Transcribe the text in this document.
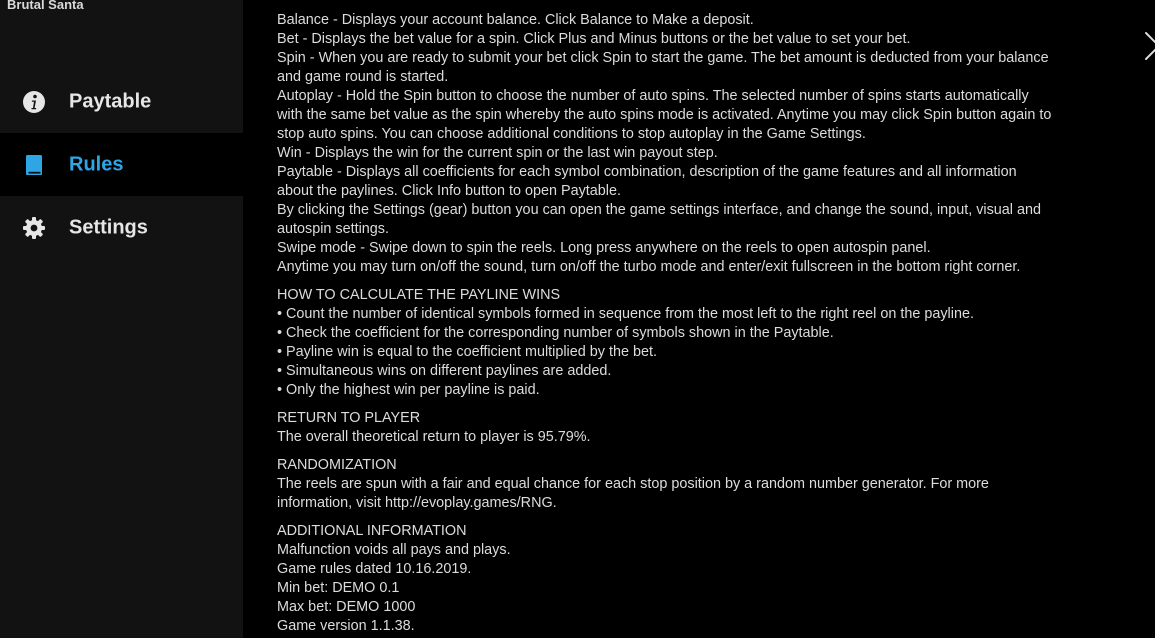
Brutal Santa
Paytable
Rules
Settings
Balance - Displays your account balance. Click Balance to Make a deposit.
Bet - Displays the bet value for a spin. Click Plus and Minus buttons or the bet value to set your bet.
Spin - When you are ready to submit your bet click Spin to start the game. The bet amount is deducted from your balance
and game round is started.
Autoplay - Hold the Spin button to choose the number of auto spins. The selected number of spins starts automatically
with the same bet value as the spin whereby the auto spins mode is activated. Anytime you may click Spin button again to
stop auto spins. You can choose additional conditions to stop autoplay in the Game Settings.
Win - Displays the win for the current spin or the last win payout step.
Paytable - Displays all coefficients for each symbol combination, description of the game features and all information
about the paylines. Click Info button to open Paytable.
By clicking the Settings (gear) button you can open the game settings interface, and change the sound, input, visual and
autospin settings.
Swipe mode - Swipe down to spin the reels. Long press anywhere on the reels to open autospin panel.
Anytime you may turn on/off the sound, turn on/off the turbo mode and enter/exit fullscreen in the bottom right corner.
HOW TO CALCULATE THE PAYLINE WINS
• Count the number of identical symbols formed in sequence from the most left to the right reel on the payline.
• Check the coefficient for the corresponding number of symbols shown in the Paytable.
• Payline win is equal to the coefficient multiplied by the bet.
• Simultaneous wins on different paylines are added.
• Only the highest win per payline is paid.
RETURN TO PLAYER
The overall theoretical return to player is 95.79%.
RANDOMIZATION
The reels are spun with a fair and equal chance for each stop position by a random number generator. For more
information, visit http://evoplay.games/RNG.
ADDITIONAL INFORMATION
Malfunction voids all pays and plays.
Game rules dated 10.16.2019.
Min bet: DEMO 0.1
Max bet: DEMO 1000
Game version 1.1.38.
